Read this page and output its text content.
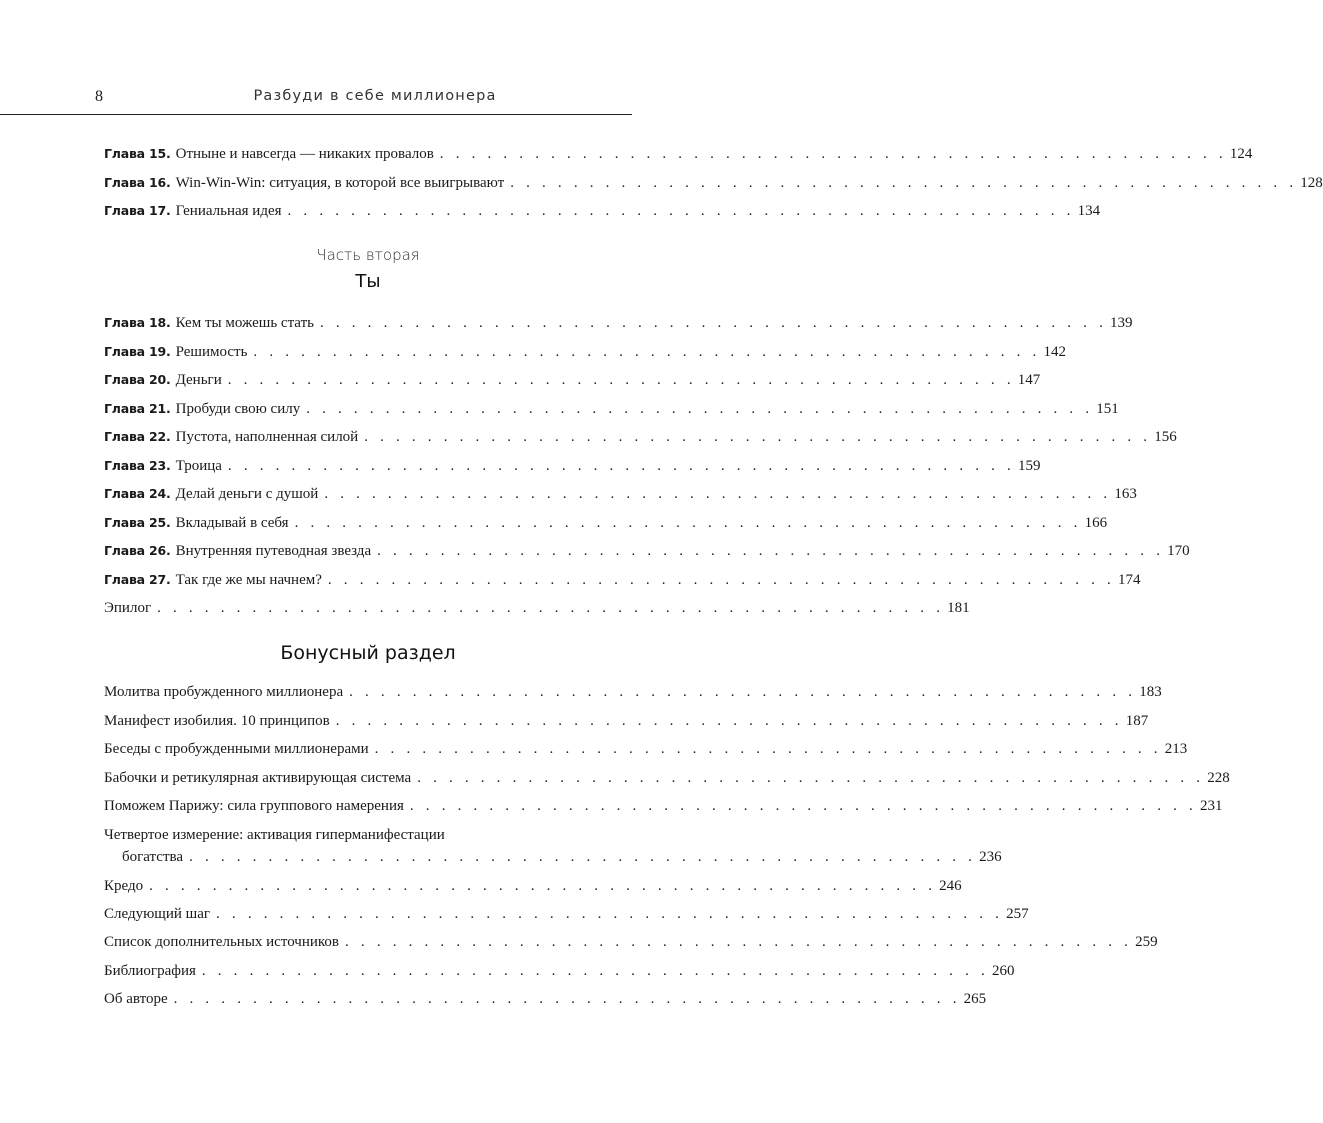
8	Разбуди в себе миллионера
Глава 15. Отныне и навсегда — никаких провалов . . . . . . . . . . . . . . . . . . . . . . . . . . . . . . . . . . . . . . . . . . . . . . . . . . 124
Глава 16. Win-Win-Win: ситуация, в которой все выигрывают . . . . . . . . . . . . . . . . . . . . . . . . . . . . . . . . . . . . . . . . . . . . . . . . . . 128
Глава 17. Гениальная идея . . . . . . . . . . . . . . . . . . . . . . . . . . . . . . . . . . . . . . . . . . . . . . . . . . 134
Часть вторая
Ты
Глава 18. Кем ты можешь стать . . . . . . . . . . . . . . . . . . . . . . . . . . . . . . . . . . . . . . . . . . . . . . . . . . 139
Глава 19. Решимость . . . . . . . . . . . . . . . . . . . . . . . . . . . . . . . . . . . . . . . . . . . . . . . . . . 142
Глава 20. Деньги . . . . . . . . . . . . . . . . . . . . . . . . . . . . . . . . . . . . . . . . . . . . . . . . . . 147
Глава 21. Пробуди свою силу . . . . . . . . . . . . . . . . . . . . . . . . . . . . . . . . . . . . . . . . . . . . . . . . . . 151
Глава 22. Пустота, наполненная силой . . . . . . . . . . . . . . . . . . . . . . . . . . . . . . . . . . . . . . . . . . . . . . . . . . 156
Глава 23. Троица . . . . . . . . . . . . . . . . . . . . . . . . . . . . . . . . . . . . . . . . . . . . . . . . . . 159
Глава 24. Делай деньги с душой . . . . . . . . . . . . . . . . . . . . . . . . . . . . . . . . . . . . . . . . . . . . . . . . . . 163
Глава 25. Вкладывай в себя . . . . . . . . . . . . . . . . . . . . . . . . . . . . . . . . . . . . . . . . . . . . . . . . . . 166
Глава 26. Внутренняя путеводная звезда . . . . . . . . . . . . . . . . . . . . . . . . . . . . . . . . . . . . . . . . . . . . . . . . . . 170
Глава 27. Так где же мы начнем? . . . . . . . . . . . . . . . . . . . . . . . . . . . . . . . . . . . . . . . . . . . . . . . . . . 174
Эпилог . . . . . . . . . . . . . . . . . . . . . . . . . . . . . . . . . . . . . . . . . . . . . . . . . . 181
Бонусный раздел
Молитва пробужденного миллионера . . . . . . . . . . . . . . . . . . . . . . . . . . . . . . . . . . . . . . . . . . . . . . . . . . 183
Манифест изобилия. 10 принципов . . . . . . . . . . . . . . . . . . . . . . . . . . . . . . . . . . . . . . . . . . . . . . . . . . 187
Беседы с пробужденными миллионерами . . . . . . . . . . . . . . . . . . . . . . . . . . . . . . . . . . . . . . . . . . . . . . . . . . 213
Бабочки и ретикулярная активирующая система . . . . . . . . . . . . . . . . . . . . . . . . . . . . . . . . . . . . . . . . . . . . . . . . . . 228
Поможем Парижу: сила группового намерения . . . . . . . . . . . . . . . . . . . . . . . . . . . . . . . . . . . . . . . . . . . . . . . . . . 231
Четвертое измерение: активация гиперманифестации
богатства . . . . . . . . . . . . . . . . . . . . . . . . . . . . . . . . . . . . . . . . . . . . . . . . . . 236
Кредо . . . . . . . . . . . . . . . . . . . . . . . . . . . . . . . . . . . . . . . . . . . . . . . . . . 246
Следующий шаг . . . . . . . . . . . . . . . . . . . . . . . . . . . . . . . . . . . . . . . . . . . . . . . . . . 257
Список дополнительных источников . . . . . . . . . . . . . . . . . . . . . . . . . . . . . . . . . . . . . . . . . . . . . . . . . . 259
Библиография . . . . . . . . . . . . . . . . . . . . . . . . . . . . . . . . . . . . . . . . . . . . . . . . . . 260
Об авторе . . . . . . . . . . . . . . . . . . . . . . . . . . . . . . . . . . . . . . . . . . . . . . . . . . 265
